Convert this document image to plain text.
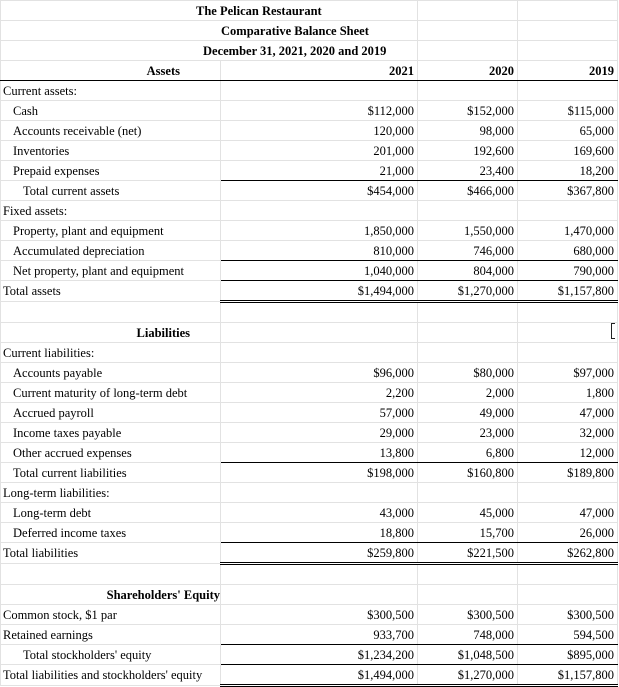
The Pelican Restaurant			
Comparative Balance Sheet			
December 31, 2021, 2020 and 2019			
Assets	2021	2020	2019
Current assets:			
Cash	$112,000	$152,000	$115,000
Accounts receivable (net)	120,000	98,000	65,000
Inventories	201,000	192,600	169,600
Prepaid expenses	21,000	23,400	18,200
Total current assets	$454,000	$466,000	$367,800
Fixed assets:			
Property, plant and equipment	1,850,000	1,550,000	1,470,000
Accumulated depreciation	810,000	746,000	680,000
Net property, plant and equipment	1,040,000	804,000	790,000
Total assets	$1,494,000	$1,270,000	$1,157,800

Liabilities			

Current liabilities:			
Accounts payable	$96,000	$80,000	$97,000
Current maturity of long-term debt	2,200	2,000	1,800
Accrued payroll	57,000	49,000	47,000
Income taxes payable	29,000	23,000	32,000
Other accrued expenses	13,800	6,800	12,000
Total current liabilities	$198,000	$160,800	$189,800
Long-term liabilities:			
Long-term debt	43,000	45,000	47,000
Deferred income taxes	18,800	15,700	26,000
Total liabilities	$259,800	$221,500	$262,800

Shareholders' Equity			
Common stock, $1 par	$300,500	$300,500	$300,500
Retained earnings	933,700	748,000	594,500
Total stockholders' equity	$1,234,200	$1,048,500	$895,000
Total liabilities and stockholders' equity	$1,494,000	$1,270,000	$1,157,800
